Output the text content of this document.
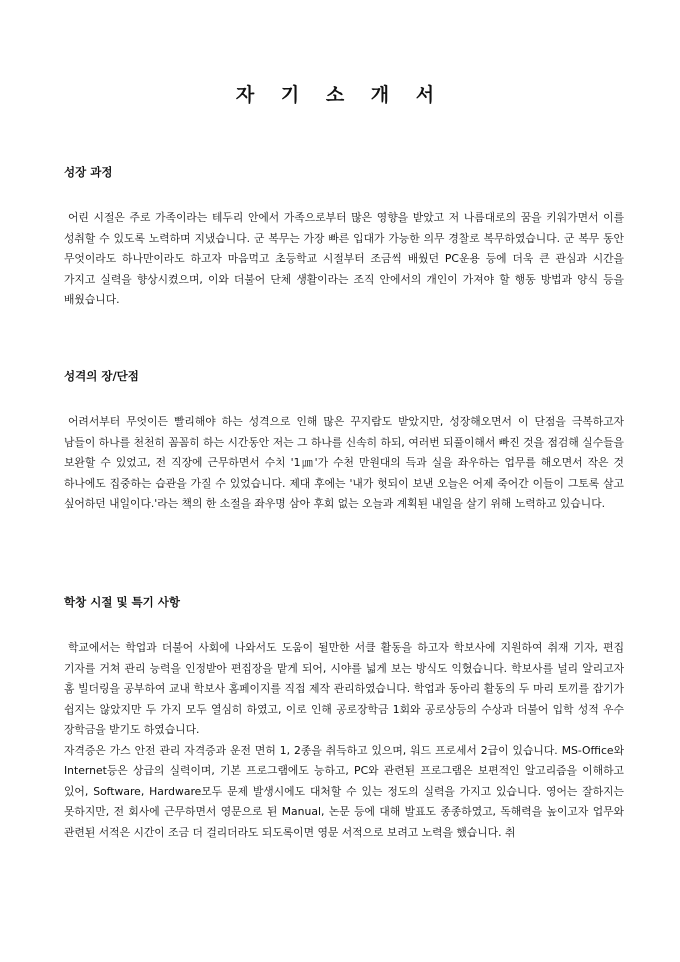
자 기 소 개 서
성장 과정

어린 시절은 주로 가족이라는 테두리 안에서 가족으로부터 많은 영향을 받았고 저 나름대로의 꿈을 키워가면서 이를 성취할 수 있도록 노력하며 지냈습니다. 군 복무는 가장 빠른 입대가 가능한 의무 경찰로 복무하였습니다. 군 복무 동안 무엇이라도 하나만이라도 하고자 마음먹고 초등학교 시절부터 조금씩 배웠던 PC운용 등에 더욱 큰 관심과 시간을 가지고 실력을 향상시켰으며, 이와 더불어 단체 생활이라는 조직 안에서의 개인이 가져야 할 행동 방법과 양식 등을 배웠습니다.

성격의 장/단점

어려서부터 무엇이든 빨리해야 하는 성격으로 인해 많은 꾸지람도 받았지만, 성장해오면서 이 단점을 극복하고자 남들이 하나를 천천히 꼼꼼히 하는 시간동안 저는 그 하나를 신속히 하되, 여러번 되풀이해서 빠진 것을 점검해 실수들을 보완할 수 있었고, 전 직장에 근무하면서 수치 '1㎛'가 수천 만원대의 득과 실을 좌우하는 업무를 해오면서 작은 것 하나에도 집중하는 습관을 가질 수 있었습니다. 제대 후에는 '내가 헛되이 보낸 오늘은 어제 죽어간 이들이 그토록 살고 싶어하던 내일이다.'라는 책의 한 소절을 좌우명 삼아 후회 없는 오늘과 계획된 내일을 살기 위해 노력하고 있습니다.

학창 시절 및 특기 사항

학교에서는 학업과 더불어 사회에 나와서도 도움이 될만한 서클 활동을 하고자 학보사에 지원하여 취재 기자, 편집 기자를 거쳐 관리 능력을 인정받아 편집장을 맡게 되어, 시야를 넓게 보는 방식도 익혔습니다. 학보사를 널리 알리고자 홈 빌더링을 공부하여 교내 학보사 홈페이지를 직접 제작 관리하였습니다. 학업과 동아리 활동의 두 마리 토끼를 잡기가 쉽지는 않았지만 두 가지 모두 열심히 하였고, 이로 인해 공로장학금 1회와 공로상등의 수상과 더불어 입학 성적 우수 장학금을 받기도 하였습니다.

자격증은 가스 안전 관리 자격증과 운전 면허 1, 2종을 취득하고 있으며, 워드 프로세서 2급이 있습니다. MS-Office와 Internet등은 상급의 실력이며, 기본 프로그램에도 능하고, PC와 관련된 프로그램은 보편적인 알고리즘을 이해하고 있어, Software, Hardware모두 문제 발생시에도 대처할 수 있는 정도의 실력을 가지고 있습니다. 영어는 잘하지는 못하지만, 전 회사에 근무하면서 영문으로 된 Manual, 논문 등에 대해 발표도 종종하였고, 독해력을 높이고자 업무와 관련된 서적은 시간이 조금 더 걸리더라도 되도록이면 영문 서적으로 보려고 노력을 했습니다. 취
